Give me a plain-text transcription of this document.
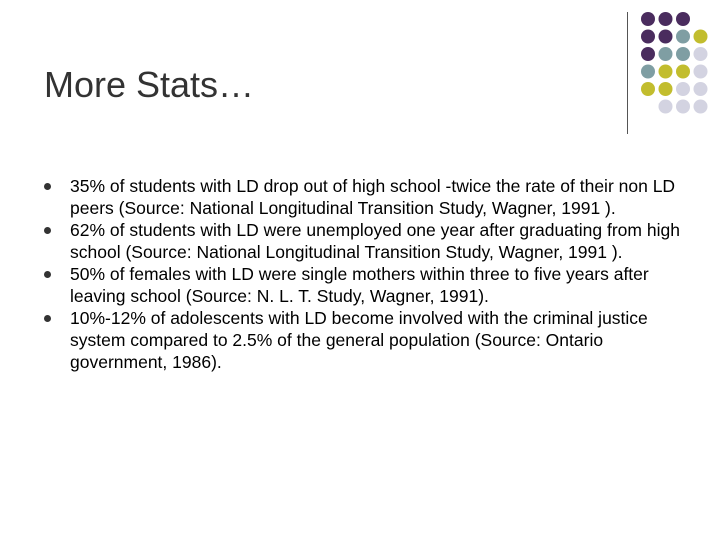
More Stats…
35% of students with LD drop out of high school -twice the rate of their non LD peers (Source: National Longitudinal Transition Study, Wagner, 1991 ).
62% of students with LD were unemployed one year after graduating from high school (Source: National Longitudinal Transition Study, Wagner, 1991 ).
50% of females with LD were single mothers within three to five years after leaving school (Source: N. L. T. Study, Wagner, 1991).
10%-12% of adolescents with LD become involved with the criminal justice system compared to 2.5% of the general population (Source: Ontario government, 1986).
